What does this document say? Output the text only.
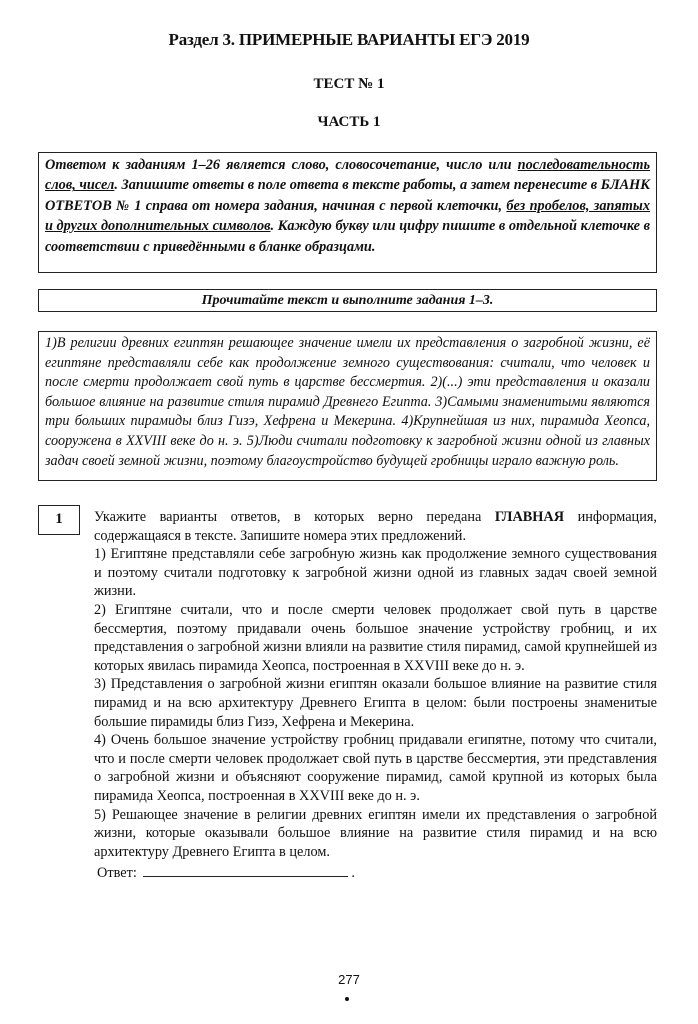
Раздел 3. ПРИМЕРНЫЕ ВАРИАНТЫ ЕГЭ 2019
ТЕСТ № 1
ЧАСТЬ 1
Ответом к заданиям 1–26 является слово, словосочетание, число или последовательность слов, чисел. Запишите ответы в поле ответа в тексте работы, а затем перенесите в БЛАНК ОТВЕТОВ № 1 справа от номера задания, начиная с первой клеточки, без пробелов, запятых и других дополнительных символов. Каждую букву или цифру пишите в отдельной клеточке в соответствии с приведёнными в бланке образцами.
Прочитайте текст и выполните задания 1–3.
1)В религии древних египтян решающее значение имели их представления о загробной жизни, её египтяне представляли себе как продолжение земного существования: считали, что человек и после смерти продолжает свой путь в царстве бессмертия. 2)(...) эти представления и оказали большое влияние на развитие стиля пирамид Древнего Египта. 3)Самыми знаменитыми являются три больших пирамиды близ Гизэ, Хефрена и Мекерина. 4)Крупнейшая из них, пирамида Хеопса, сооружена в XXVIII веке до н. э. 5)Люди считали подготовку к загробной жизни одной из главных задач своей земной жизни, поэтому благоустройство будущей гробницы играло важную роль.
1	Укажите варианты ответов, в которых верно передана ГЛАВНАЯ информация, содержащаяся в тексте. Запишите номера этих предложений.

1) Египтяне представляли себе загробную жизнь как продолжение земного существования и поэтому считали подготовку к загробной жизни одной из главных задач своей земной жизни.

2) Египтяне считали, что и после смерти человек продолжает свой путь в царстве бессмертия, поэтому придавали очень большое значение устройству гробниц, и их представления о загробной жизни влияли на развитие стиля пирамид, самой крупнейшей из которых явилась пирамида Хеопса, построенная в XXVIII веке до н. э.

3) Представления о загробной жизни египтян оказали большое влияние на развитие стиля пирамид и на всю архитектуру Древнего Египта в целом: были построены знаменитые большие пирамиды близ Гизэ, Хефрена и Мекерина.

4) Очень большое значение устройству гробниц придавали египятне, потому что считали, что и после смерти человек продолжает свой путь в царстве бессмертия, эти представления о загробной жизни и объясняют сооружение пирамид, самой крупной из которых была пирамида Хеопса, построенная в XXVIII веке до н. э.

5) Решающее значение в религии древних египтян имели их представления о загробной жизни, которые оказывали большое влияние на развитие стиля пирамид и на всю архитектуру Древнего Египта в целом.

Ответ:	.
277
